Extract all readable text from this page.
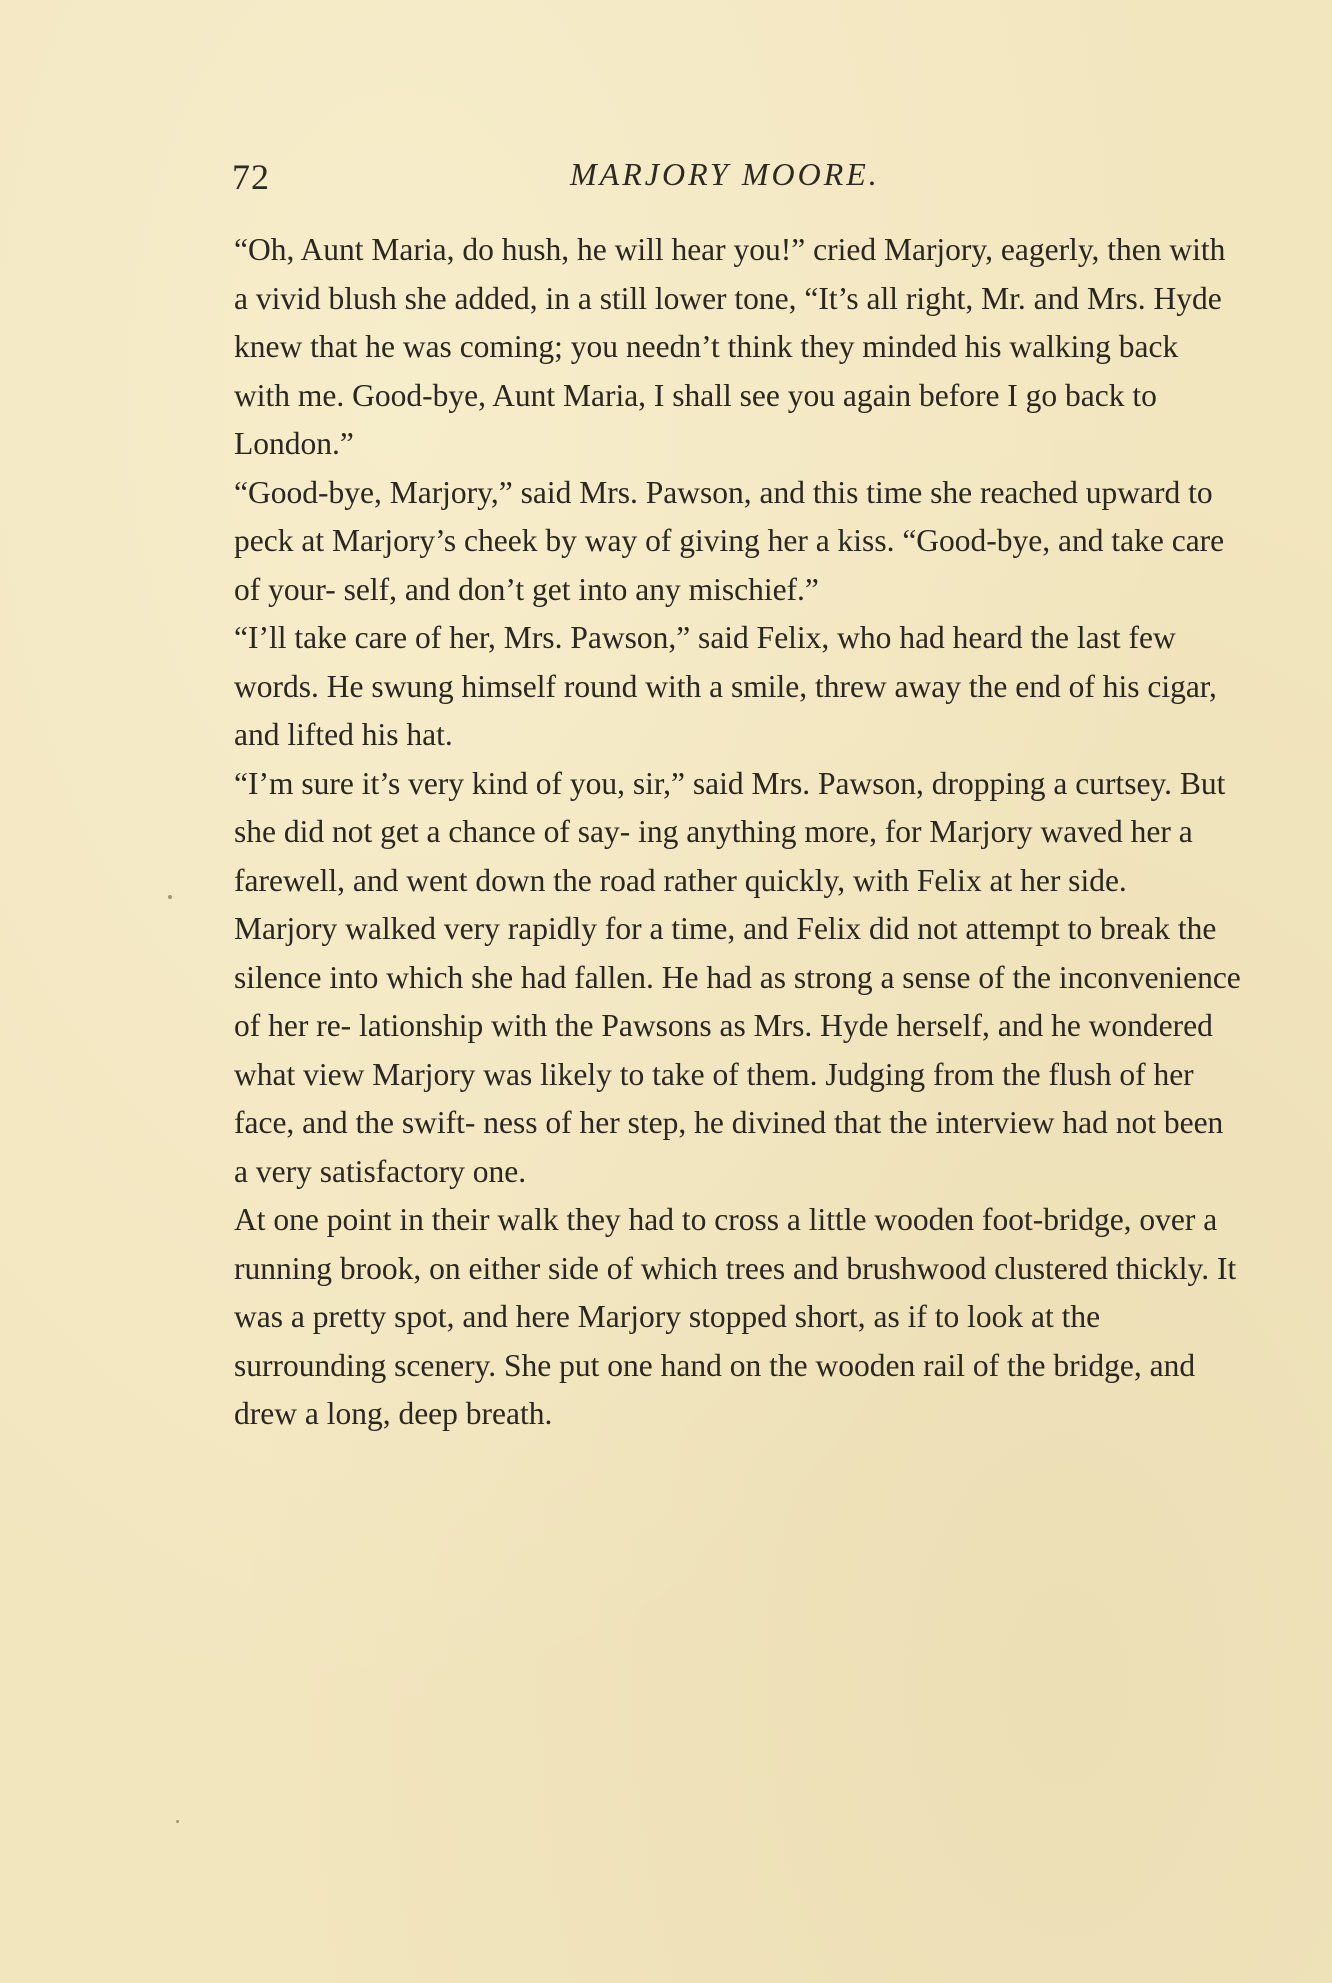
72	MARJORY MOORE.

“Oh, Aunt Maria, do hush, he will hear you!” cried Marjory, eagerly, then with a vivid blush she added, in a still lower tone, “It’s all right, Mr. and Mrs. Hyde knew that he was coming; you needn’t think they minded his walking back with me. Good-bye, Aunt Maria, I shall see you again before I go back to London.”

“Good-bye, Marjory,” said Mrs. Pawson, and this time she reached upward to peck at Marjory’s cheek by way of giving her a kiss. “Good-bye, and take care of your- self, and don’t get into any mischief.”

“I’ll take care of her, Mrs. Pawson,” said Felix, who had heard the last few words. He swung himself round with a smile, threw away the end of his cigar, and lifted his hat.

“I’m sure it’s very kind of you, sir,” said Mrs. Pawson, dropping a curtsey. But she did not get a chance of say- ing anything more, for Marjory waved her a farewell, and went down the road rather quickly, with Felix at her side.

Marjory walked very rapidly for a time, and Felix did not attempt to break the silence into which she had fallen. He had as strong a sense of the inconvenience of her re- lationship with the Pawsons as Mrs. Hyde herself, and he wondered what view Marjory was likely to take of them. Judging from the flush of her face, and the swift- ness of her step, he divined that the interview had not been a very satisfactory one.

At one point in their walk they had to cross a little wooden foot-bridge, over a running brook, on either side of which trees and brushwood clustered thickly. It was a pretty spot, and here Marjory stopped short, as if to look at the surrounding scenery. She put one hand on the wooden rail of the bridge, and drew a long, deep breath.
